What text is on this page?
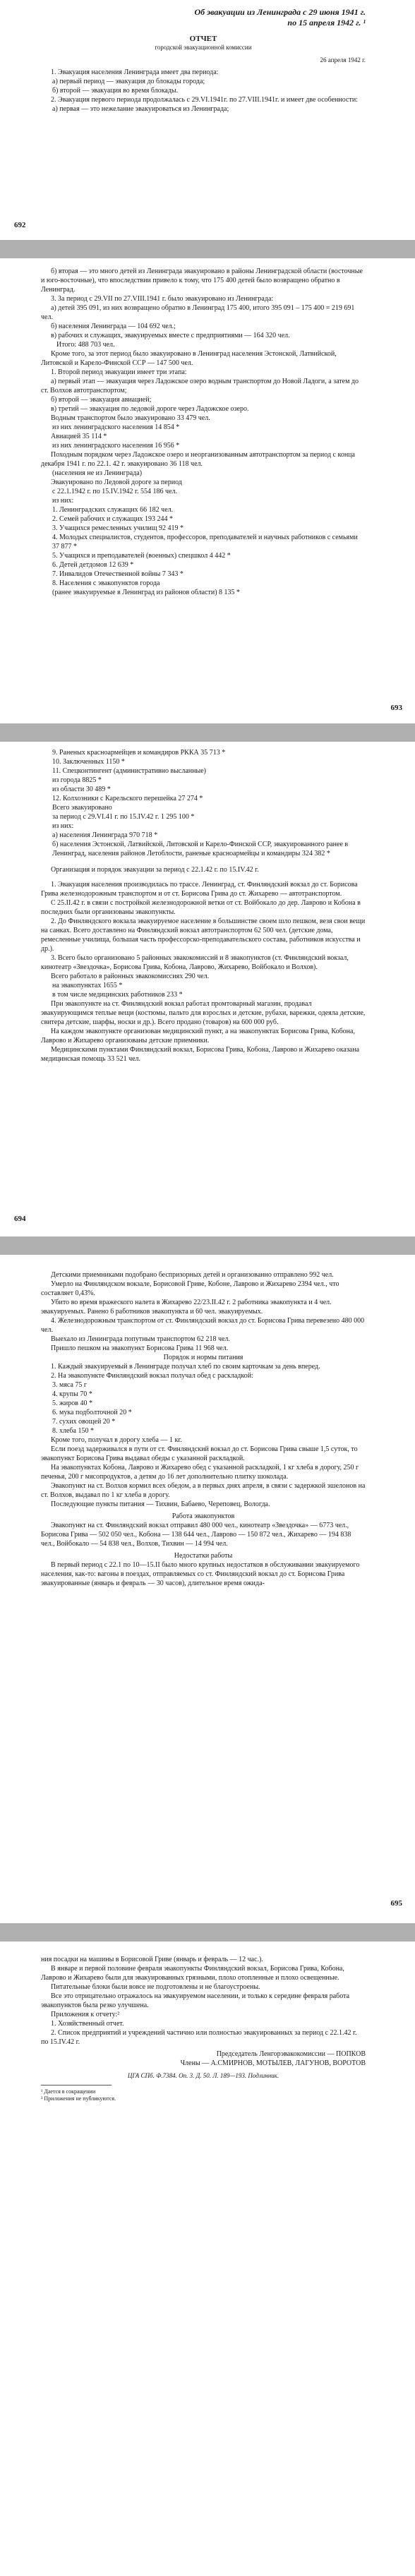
Об эвакуации из Ленинграда с 29 июня 1941 г.

по 15 апреля 1942 г. ¹

ОТЧЕТ

городской эвакуационной комиссии

26 апреля 1942 г.

1. Эвакуация населения Ленинграда имеет два периода:

а) первый период — эвакуация до блокады города;

б) второй — эвакуация во время блокады.

2. Эвакуация первого периода продолжалась с 29.VI.1941г. по 27.VIII.1941г. и имеет две особенности:

а) первая — это нежелание эвакуироваться из Ленинграда;

692

б) вторая — это много детей из Ленинграда эвакуировано в районы Ленинградской области (восточные и юго-восточные), что впоследствии привело к тому, что 175 400 детей было возвращено обратно в Ленинград.

3. За период с 29.VII по 27.VIII.1941 г. было эвакуировано из Ленинграда:

а) детей 395 091, из них возвращено обратно в Ленинград 175 400, итого 395 091 – 175 400 = 219 691 чел.

б) населения Ленинграда — 104 692 чел.;

в) рабочих и служащих, эвакуируемых вместе с предприятиями — 164 320 чел.

Итого: 488 703 чел.

Кроме того, за этот период было эвакуировано в Ленинград населения Эстонской, Латвийской, Литовской и Карело-Финской ССР — 147 500 чел.

1. Второй период эвакуации имеет три этапа:

а) первый этап — эвакуация через Ладожское озеро водным транспортом до Новой Ладоги, а затем до ст. Волхов автотранспортом;

б) второй — эвакуация авиацией;

в) третий — эвакуация по ледовой дороге через Ладожское озеро.

Водным транспортом было эвакуировано 33 479 чел.

из них ленинградского населения 14 854 *

Авиацией 35 114 *

из них ленинградского населения 16 956 *

Походным порядком через Ладожское озеро и неорганизованным автотранспортом за период с конца декабря 1941 г. по 22.1. 42 г. эвакуировано 36 118 чел.

(населения не из Ленинграда)

Эвакуировано по Ледовой дороге за период

с 22.1.1942 г. по 15.IV.1942 г. 554 186 чел.

из них:

1. Ленинградских служащих 66 182 чел.

2. Семей рабочих и служащих 193 244 *

3. Учащихся ремесленных училищ 92 419 *

4. Молодых специалистов, студентов, профессоров, преподавателей и научных работников с семьями 37 877 *

5. Учащихся и преподавателей (военных) спецшкол 4 442 *

6. Детей детдомов 12 639 *

7. Инвалидов Отечественной войны 7 343 *

8. Населения с эвакопунктов города

(ранее эвакуируемые в Ленинград из районов области) 8 135 *

693

9. Раненых красноармейцев и командиров РККА 35 713 *

10. Заключенных 1150 *

11. Спецконтингент (административно высланные)

из города 8825 *

из области 30 489 *

12. Колхозники с Карельского перешейка 27 274 *

Всего эвакуировано

за период с 29.VI.41 г. по 15.IV.42 г. 1 295 100 *

из них:

а) населения Ленинграда 970 718 *

б) населения Эстонской, Латвийской, Литовской и Карело-Финской ССР, эвакуированного ранее в Ленинград, населения районов Летоблости, раненые красноармейцы и командиры 324 382 *

Организация и порядок эвакуации за период с 22.1.42 г. по 15.IV.42 г.

1. Эвакуация населения производилась по трассе. Ленинград, ст. Финляндский вокзал до ст. Борисова Грива железнодорожным транспортом и от ст. Борисова Грива до ст. Жихарево — автотранспортом.

С 25.II.42 г. в связи с постройкой железнодорожной ветки от ст. Войбокало до дер. Лаврово и Кобона в последних были организованы эвакопункты.

2. До Финляндского вокзала эвакуируемое население в большинстве своем шло пешком, везя свои вещи на санках. Всего доставлено на Финляндский вокзал автотранспортом 62 500 чел. (детские дома, ремесленные училища, большая часть профессорско-преподавательского состава, работников искусства и др.).

3. Всего было организовано 5 районных эвакокомиссий и 8 эвакопунктов (ст. Финляндский вокзал, кинотеатр «Звездочка», Борисова Грива, Кобона, Лаврово, Жихарево, Войбокало и Волхов).

Всего работало в районных эвакокомиссиях 290 чел.

на эвакопунктах 1655 *

в том числе медицинских работников 233 *

При эвакопункте на ст. Финляндский вокзал работал промтоварный магазин, продавал эвакуирующимся теплые вещи (костюмы, пальто для взрослых и детские, рубахи, варежки, одеяла детские, свитера детские, шарфы, носки и др.). Всего продано (товаров) на 600 000 руб.

На каждом эвакопункте организован медицинский пункт, а на эвакопунктах Борисова Грива, Кобона, Лаврово и Жихарево организованы детские приемники.

Медицинскими пунктами Финляндский вокзал, Борисова Грива, Кобона, Лаврово и Жихарево оказана медицинская помощь 33 521 чел.

694

Детскими приемниками подобрано беспризорных детей и организованно отправлено 992 чел.

Умерло на Финляндском вокзале, Борисовой Гриве, Кобоне, Лаврово и Жихарево 2394 чел., что составляет 0,43%.

Убито во время вражеского налета в Жихарево 22/23.II.42 г. 2 работника эвакопункта и 4 чел. эвакуируемых. Ранено 6 работников эвакопункта и 60 чел. эвакуируемых.

4. Железнодорожным транспортом от ст. Финляндский вокзал до ст. Борисова Грива перевезено 480 000 чел.

Выехало из Ленинграда попутным транспортом 62 218 чел.

Пришло пешком на эвакопункт Борисова Грива 11 968 чел.

Порядок и нормы питания

1. Каждый эвакуируемый в Ленинграде получал хлеб по своим карточкам за день вперед.

2. На эвакопункте Финляндский вокзал получал обед с раскладкой:

3. мяса 75 г

4. крупы 70 *

5. жиров 40 *

6. мука подболточной 20 *

7. сухих овощей 20 *

8. хлеба 150 *

Кроме того, получал в дорогу хлеба — 1 кг.

Если поезд задерживался в пути от ст. Финляндский вокзал до ст. Борисова Грива свыше 1,5 суток, то эвакопункт Борисова Грива выдавал обеды с указанной раскладкой.

На эвакопунктах Кобона, Лаврово и Жихарево обед с указанной раскладкой, 1 кг хлеба в дорогу, 250 г печенья, 200 г мясопродуктов, а детям до 16 лет дополнительно плитку шоколада.

Эвакопункт на ст. Волхов кормил всех обедом, а в первых днях апреля, в связи с задержкой эшелонов на ст. Волхов, выдавал по 1 кг хлеба в дорогу.

Последующие пункты питания — Тихвин, Бабаево, Череповец, Вологда.

Работа эвакопунктов

Эвакопункт на ст. Финляндский вокзал отправил 480 000 чел., кинотеатр «Звездочка» — 6773 чел., Борисова Грива — 502 050 чел., Кобона — 138 644 чел., Лаврово — 150 872 чел., Жихарево — 194 838 чел., Войбокало — 54 838 чел., Волхов, Тихвин — 14 994 чел.

Недостатки работы

В первый период с 22.1 по 10—15.II было много крупных недостатков в обслуживании эвакуируемого населения, как-то: вагоны в поездах, отправляемых со ст. Финляндский вокзал до ст. Борисова Грива эвакуированные (январь и февраль — 30 часов), длительное время ожида-

695

ния посадки на машины в Борисовой Гриве (январь и февраль — 12 час.).

В январе и первой половине февраля эвакопункты Финляндский вокзал, Борисова Грива, Кобона, Лаврово и Жихарево были для эвакуированных грязными, плохо отопленные и плохо освещенные.

Питательные блоки были вовсе не подготовлены и не благоустроены.

Все это отрицательно отражалось на эвакуируемом населении, и только к середине февраля работа эвакопунктов была резко улучшена.

Приложения к отчету:²

1. Хозяйственный отчет.

2. Список предприятий и учреждений частично или полностью эвакуированных за период с 22.1.42 г. по 15.IV.42 г.

Председатель Ленгорэвакокомиссии — ПОПКОВ

Члены — А.СМИРНОВ, МОТЫЛЕВ, ЛАГУНОВ, ВОРОТОВ

ЦГА СПб. Ф.7384. Оп. 3. Д. 50. Л. 189—193. Подлинник.

¹ Дается в сокращении

² Приложения не публикуются.
